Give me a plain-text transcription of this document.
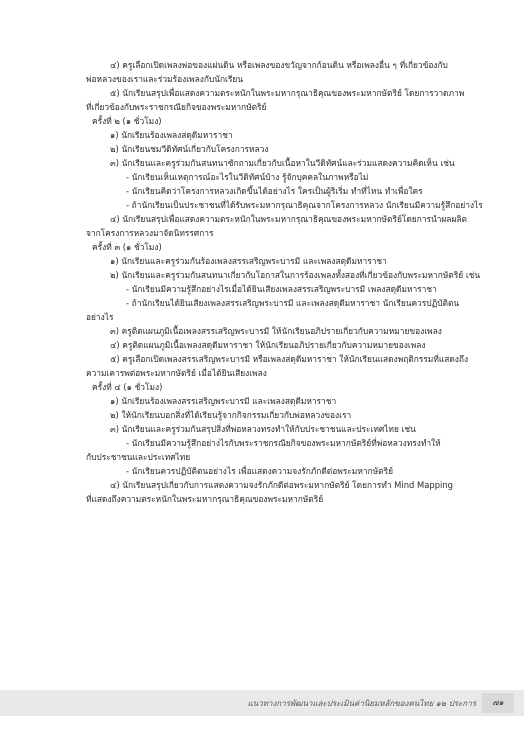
๔) ครูเลือกเปิดเพลงพ่อของแผ่นดิน หรือเพลงของขวัญจากก้อนดิน หรือเพลงอื่น ๆ ที่เกี่ยวข้องกับ

พ่อหลวงของเราและร่วมร้องเพลงกับนักเรียน

๕) นักเรียนสรุปเพื่อแสดงความตระหนักในพระมหากรุณาธิคุณของพระมหากษัตริย์ โดยการวาดภาพ

ที่เกี่ยวข้องกับพระราชกรณียกิจของพระมหากษัตริย์

ครั้งที่ ๒ (๑ ชั่วโมง)

๑) นักเรียนร้องเพลงสดุดีมหาราชา

๒) นักเรียนชมวีดิทัศน์เกี่ยวกับโครงการหลวง

๓) นักเรียนและครูร่วมกันสนทนาซักถามเกี่ยวกับเนื้อหาในวีดิทัศน์และร่วมแสดงความคิดเห็น เช่น

- นักเรียนเห็นเหตุการณ์อะไรในวีดิทัศน์บ้าง รู้จักบุคคลในภาพหรือไม่

- นักเรียนคิดว่าโครงการหลวงเกิดขึ้นได้อย่างไร ใครเป็นผู้ริเริ่ม ทำที่ไหน ทำเพื่อใคร

- ถ้านักเรียนเป็นประชาชนที่ได้รับพระมหากรุณาธิคุณจากโครงการหลวง นักเรียนมีความรู้สึกอย่างไร

๔) นักเรียนสรุปเพื่อแสดงความตระหนักในพระมหากรุณาธิคุณของพระมหากษัตริย์โดยการนำผลผลิต

จากโครงการหลวงมาจัดนิทรรศการ

ครั้งที่ ๓ (๑ ชั่วโมง)

๑) นักเรียนและครูร่วมกันร้องเพลงสรรเสริญพระบารมี และเพลงสดุดีมหาราชา

๒) นักเรียนและครูร่วมกันสนทนาเกี่ยวกับโอกาสในการร้องเพลงทั้งสองที่เกี่ยวข้องกับพระมหากษัตริย์ เช่น

- นักเรียนมีความรู้สึกอย่างไรเมื่อได้ยินเสียงเพลงสรรเสริญพระบารมี เพลงสดุดีมหาราชา

- ถ้านักเรียนได้ยินเสียงเพลงสรรเสริญพระบารมี และเพลงสดุดีมหาราชา นักเรียนควรปฏิบัติตน

อย่างไร

๓) ครูติดแผนภูมิเนื้อเพลงสรรเสริญพระบารมี ให้นักเรียนอภิปรายเกี่ยวกับความหมายของเพลง

๔) ครูติดแผนภูมิเนื้อเพลงสดุดีมหาราชา ให้นักเรียนอภิปรายเกี่ยวกับความหมายของเพลง

๕) ครูเลือกเปิดเพลงสรรเสริญพระบารมี หรือเพลงสดุดีมหาราชา ให้นักเรียนแสดงพฤติกรรมที่แสดงถึง

ความเคารพต่อพระมหากษัตริย์ เมื่อได้ยินเสียงเพลง

ครั้งที่ ๔ (๑ ชั่วโมง)

๑) นักเรียนร้องเพลงสรรเสริญพระบารมี และเพลงสดุดีมหาราชา

๒) ให้นักเรียนบอกสิ่งที่ได้เรียนรู้จากกิจกรรมเกี่ยวกับพ่อหลวงของเรา

๓) นักเรียนและครูร่วมกันสรุปสิ่งที่พ่อหลวงทรงทำให้กับประชาชนและประเทศไทย เช่น

- นักเรียนมีความรู้สึกอย่างไรกับพระราชกรณียกิจของพระมหากษัตริย์ที่พ่อหลวงทรงทำให้

กับประชาชนและประเทศไทย

- นักเรียนควรปฏิบัติตนอย่างไร เพื่อแสดงความจงรักภักดีต่อพระมหากษัตริย์

๔) นักเรียนสรุปเกี่ยวกับการแสดงความจงรักภักดีต่อพระมหากษัตริย์ โดยการทำ Mind Mapping

ที่แสดงถึงความตระหนักในพระมหากรุณาธิคุณของพระมหากษัตริย์

แนวทางการพัฒนาและประเมินค่านิยมหลักของคนไทย ๑๒ ประการ	๗๑
